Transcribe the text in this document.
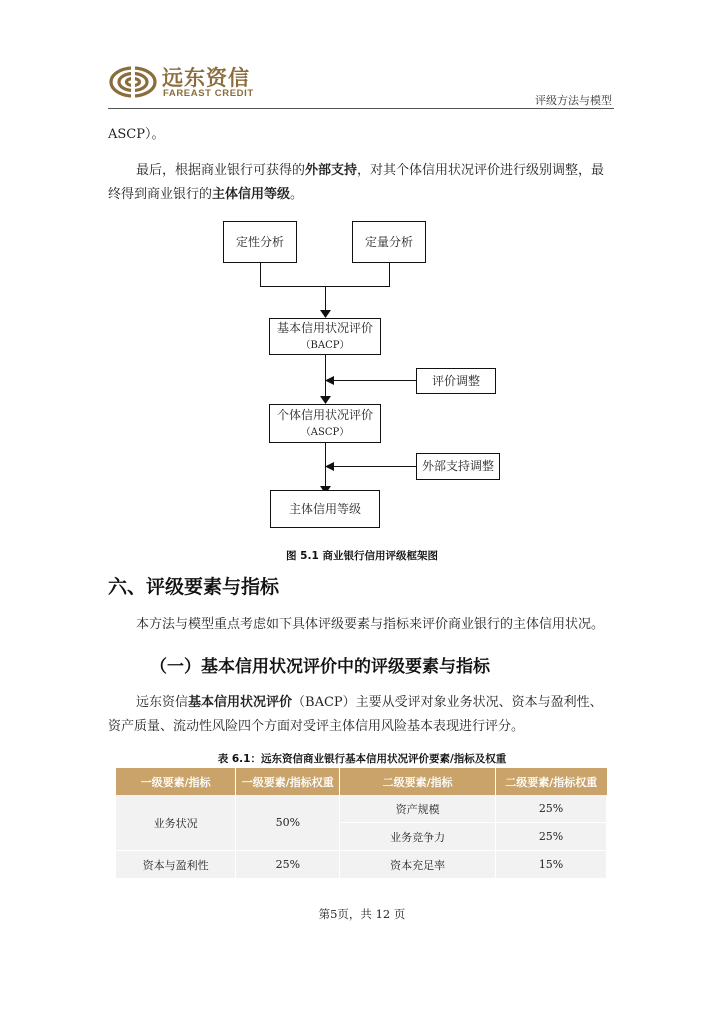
远东资信
FAREAST CREDIT
评级方法与模型

ASCP）。

最后，根据商业银行可获得的外部支持，对其个体信用状况评价进行级别调整，最终得到商业银行的主体信用等级。

定性分析	定量分析
基本信用状况评价
（BACP）
评价调整
个体信用状况评价
（ASCP）
外部支持调整
主体信用等级
图 5.1 商业银行信用评级框架图
六、评级要素与指标

本方法与模型重点考虑如下具体评级要素与指标来评价商业银行的主体信用状况。

（一）基本信用状况评价中的评级要素与指标

远东资信基本信用状况评价（BACP）主要从受评对象业务状况、资本与盈利性、资产质量、流动性风险四个方面对受评主体信用风险基本表现进行评分。

表 6.1：远东资信商业银行基本信用状况评价要素/指标及权重
一级要素/指标	一级要素/指标权重	二级要素/指标	二级要素/指标权重
业务状况	50%	资产规模	25%
		业务竞争力	25%
资本与盈利性	25%	资本充足率	15%
第5页，共 12 页
